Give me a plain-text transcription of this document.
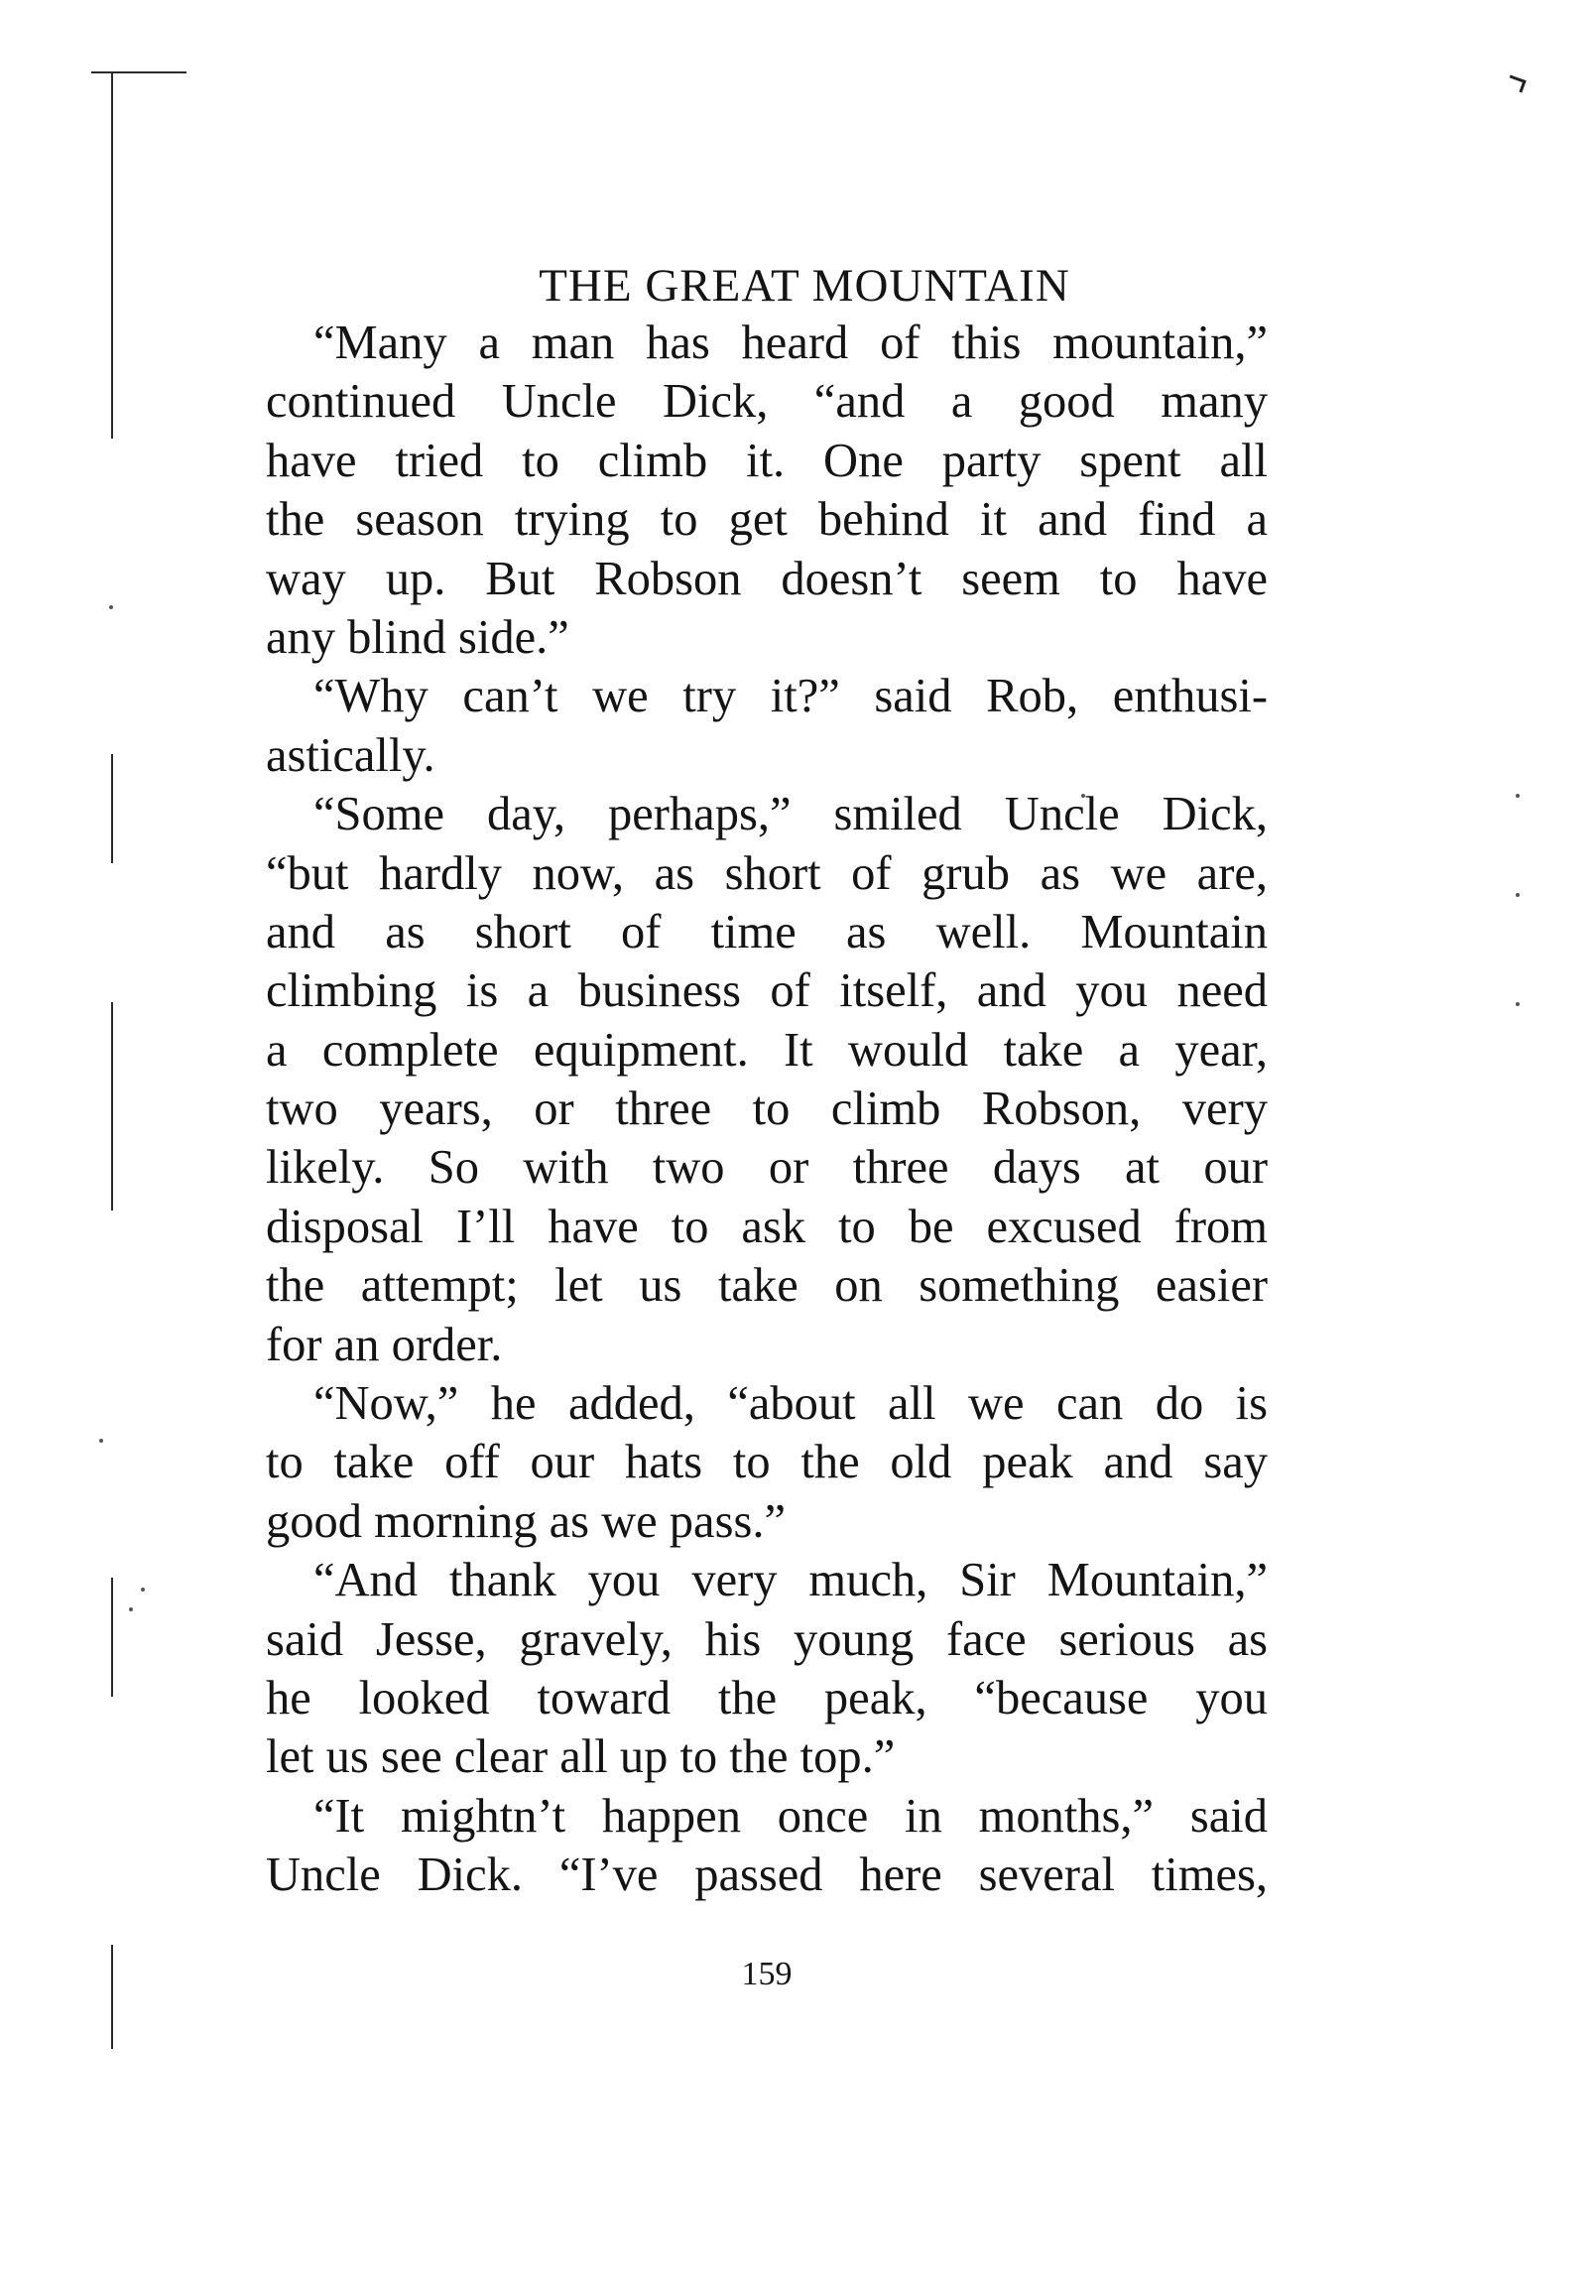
THE GREAT MOUNTAIN
“Many a man has heard of this mountain,”
continued Uncle Dick, “and a good many
have tried to climb it. One party spent all
the season trying to get behind it and find a
way up. But Robson doesn’t seem to have
any blind side.”
“Why can’t we try it?” said Rob, enthusi-
astically.
“Some day, perhaps,” smiled Uncle Dick,
“but hardly now, as short of grub as we are,
and as short of time as well. Mountain
climbing is a business of itself, and you need
a complete equipment. It would take a year,
two years, or three to climb Robson, very
likely. So with two or three days at our
disposal I’ll have to ask to be excused from
the attempt; let us take on something easier
for an order.
“Now,” he added, “about all we can do is
to take off our hats to the old peak and say
good morning as we pass.”
“And thank you very much, Sir Mountain,”
said Jesse, gravely, his young face serious as
he looked toward the peak, “because you
let us see clear all up to the top.”
“It mightn’t happen once in months,” said
Uncle Dick. “I’ve passed here several times,
159
